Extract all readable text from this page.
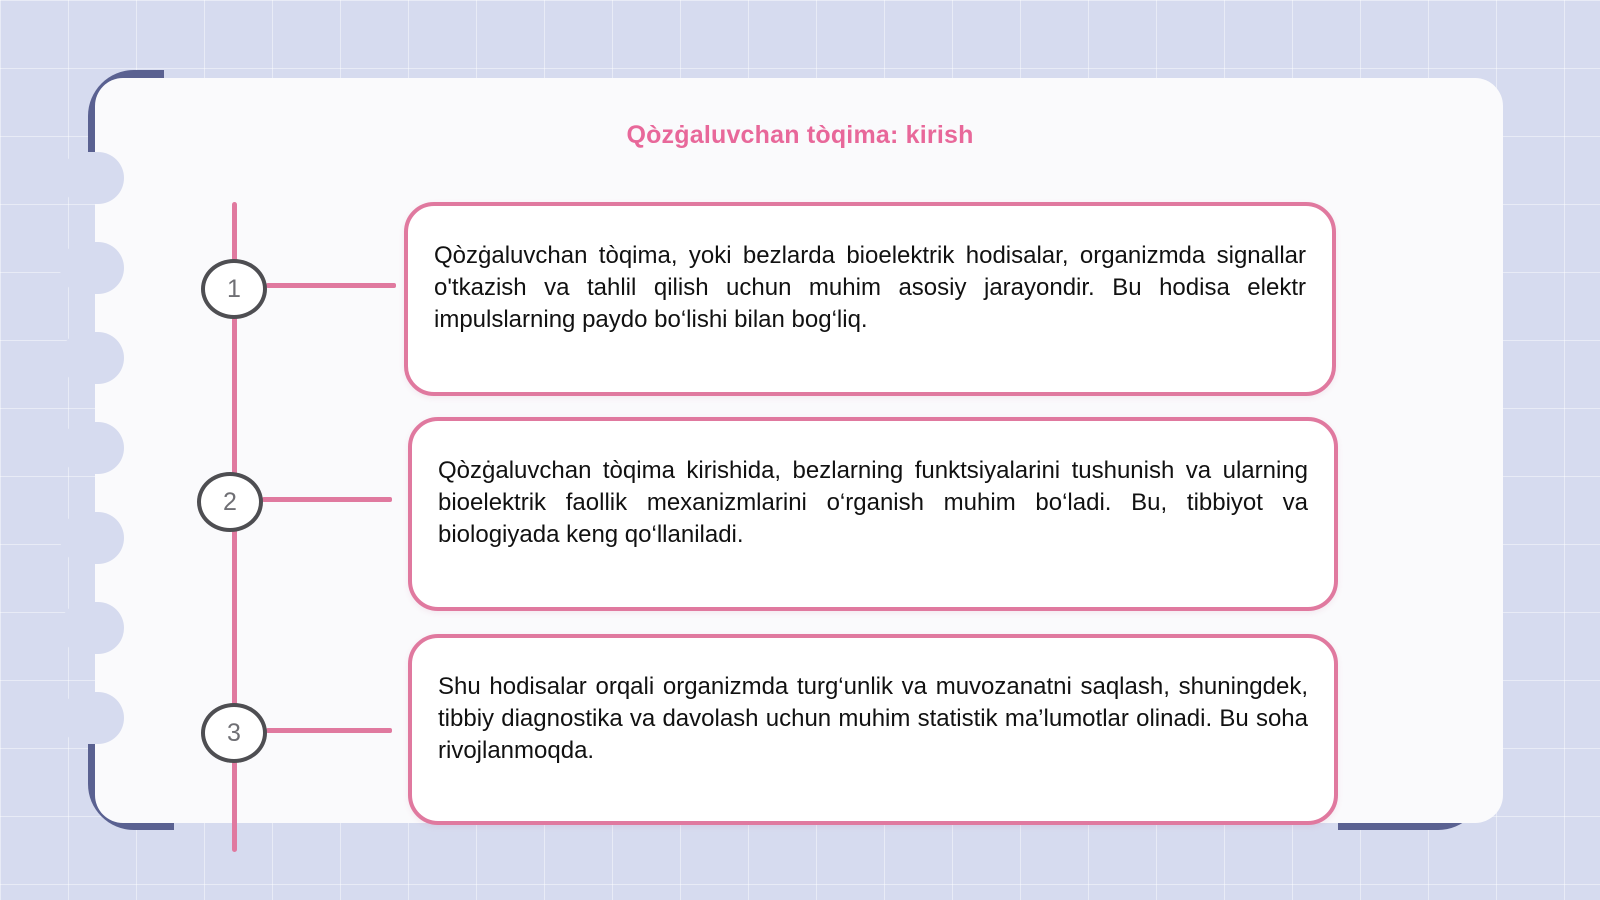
Qòzġaluvchan tòqima: kirish
1
2
3

Qòzġaluvchan tòqima, yoki bezlarda bioelektrik hodisalar, organizmda signallar o'tkazish va tahlil qilish uchun muhim asosiy jarayondir. Bu hodisa elektr impulslarning paydo bo‘lishi bilan bog‘liq.

Qòzġaluvchan tòqima kirishida, bezlarning funktsiyalarini tushunish va ularning bioelektrik faollik mexanizmlarini o‘rganish muhim bo‘ladi. Bu, tibbiyot va biologiyada keng qo‘llaniladi.

Shu hodisalar orqali organizmda turg‘unlik va muvozanatni saqlash, shuningdek, tibbiy diagnostika va davolash uchun muhim statistik ma’lumotlar olinadi. Bu soha rivojlanmoqda.
